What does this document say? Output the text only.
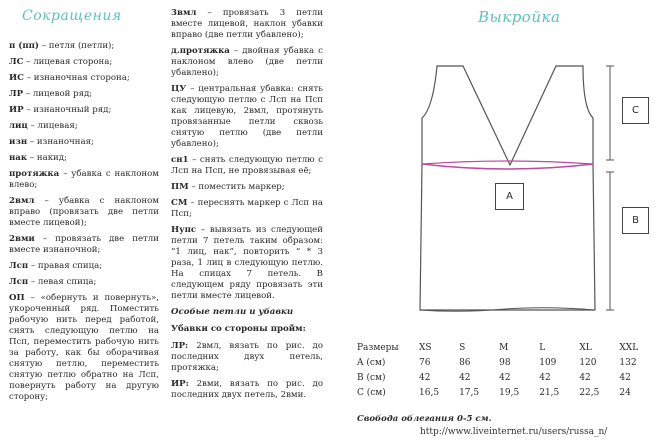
Сокращения

п (пп) – петля (петли);

ЛС – лицевая сторона;

ИС – изнаночная сторона;

ЛР – лицевой ряд;

ИР – изнаночный ряд;

лиц – лицевая;

изн – изнаночная;

нак – накид;

протяжка – убавка с наклоном влево;

2вмл – убавка с наклоном вправо (провязать две петли вместе лицевой);

2вми – провязать две петли вместе изнаночной;

Лсп – правая спица;

Лсп – левая спица;

ОП – «обернуть и повернуть», укороченный ряд. Поместить рабочую нить перед работой, снять следующую петлю на Псп, переместить рабочую нить за работу, как бы оборачивая снятую петлю, переместить снятую петлю обратно на Лсп, повернуть работу на другую сторону;

3вмл – провязать 3 петли вместе лицевой, наклон убавки вправо (две петли убавлено);

д.протяжка – двойная убавка с наклоном влево (две петли убавлено);

ЦУ – центральная убавка: снять следующую петлю с Лсп на Псп как лицевую, 2вмл, протянуть провязанные петли сквозь снятую петлю (две петли убавлено);

сн1 – снять следующую петлю с Лсп на Псп, не провязывая её;

ПМ – поместить маркер;

СМ – переснять маркер с Лсп на Псп;

Нупс – вывязать из следующей петли 7 петель таким образом: “1 лиц, нак”, повторить “ * 3 раза, 1 лиц в следующую петлю. На спицах 7 петель. В следующем ряду провязать эти петли вместе лицевой.

Особые петли и убавки

Убавки со стороны пройм:

ЛР: 2вмл, вязать по рис. до последних двух петель, протяжка;

ИР: 2вми, вязать по рис. до последних двух петель, 2вми.

Выкройка
A
C
B
Размеры	XS	S	M	L	XL	XXL
A (см)	76	86	98	109	120	132
B (см)	42	42	42	42	42	42
C (см)	16,5	17,5	19,5	21,5	22,5	24
Свобода облегания 0-5 см.
http://www.liveinternet.ru/users/russa_n/
